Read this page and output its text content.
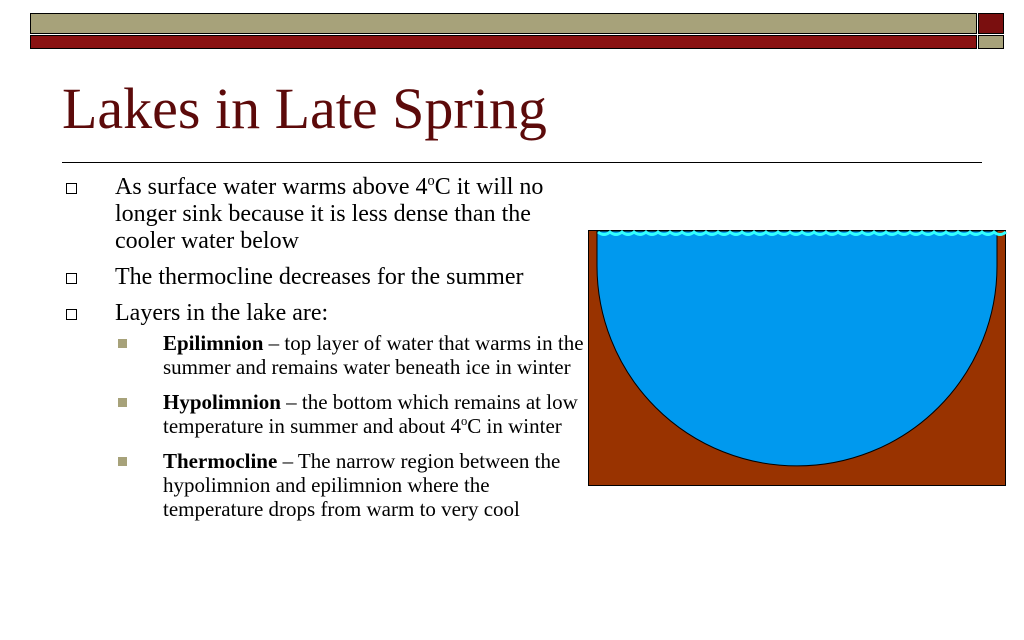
Lakes in Late Spring
As surface water warms above 4$^o$C it will no longer sink because it is less dense than the cooler water below
The thermocline decreases for the summer
Layers in the lake are:
Epilimnion – top layer of water that warms in the summer and remains water beneath ice in winter
Hypolimnion – the bottom which remains at low temperature in summer and about 4$^o$C in winter
Thermocline – The narrow region between the hypolimnion and epilimnion where the temperature drops from warm to very cool
